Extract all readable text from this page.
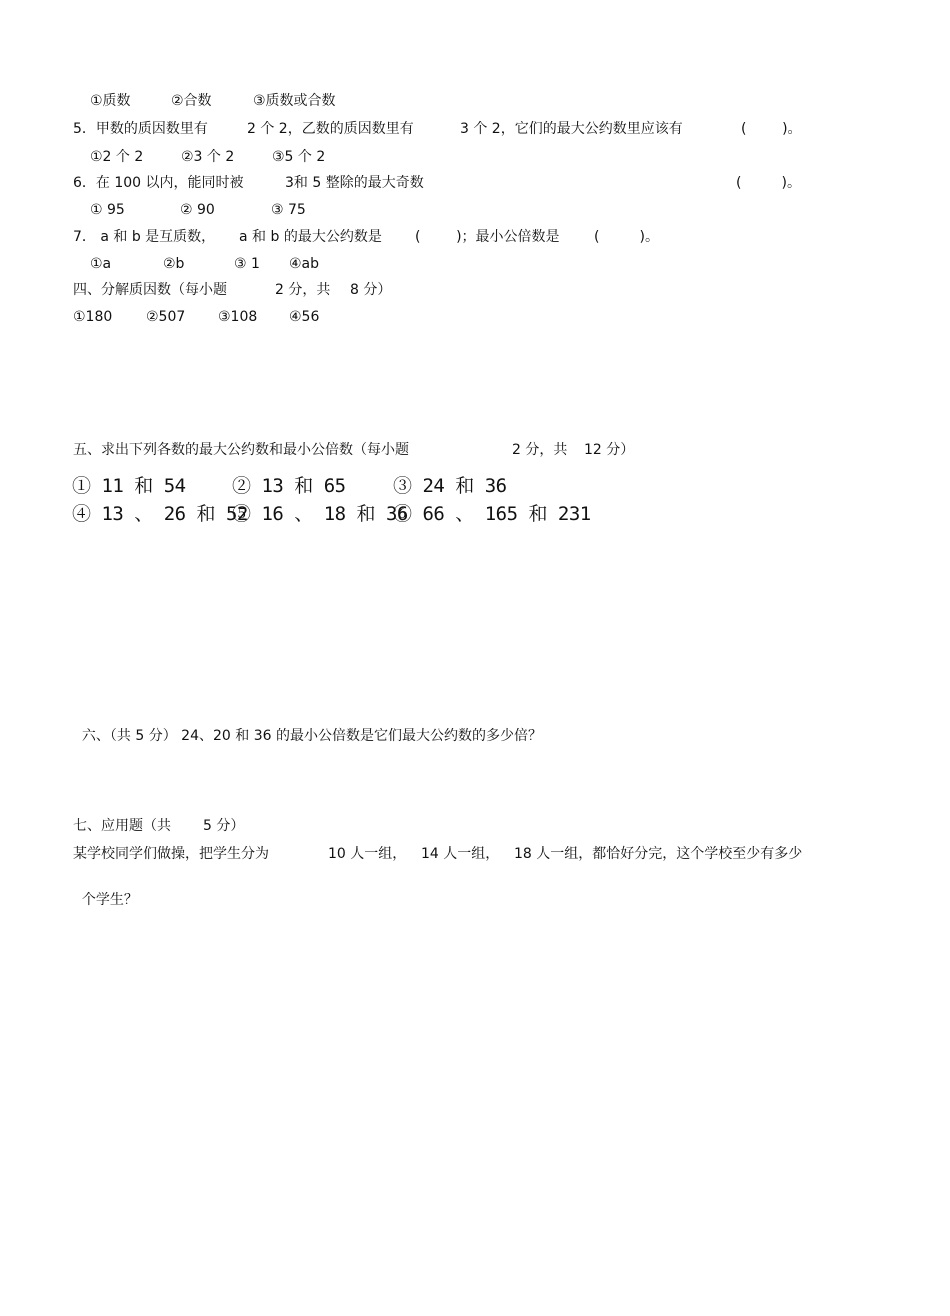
①质数

	②合数

	③质数或合数

5．甲数的质因数里有

	2 个 2，乙数的质因数里有

	3 个 2，它们的最大公约数里应该有

	(        )。

①2 个 2

	②3 个 2

	③5 个 2

6．在 100 以内，能同时被

	3和 5 整除的最大奇数

	(         )。

① 95

	② 90

	③ 75

7． a 和 b 是互质数，

a 和 b 的最大公约数是

(        )；最小公倍数是

(         )。

①a

	②b

	③ 1

④ab

四、分解质因数（每小题

	2 分，共

8 分）

①180

②507

③108

④56

五、求出下列各数的最大公约数和最小公倍数（每小题

	2 分，共

12 分）

① 11 和 54 ② 13 和 65 ③ 24 和 36
④ 13 、 26 和 52
⑤ 16 、 18 和 36
⑥ 66 、 165 和 231

六、（共 5 分） 24、20 和 36 的最小公倍数是它们最大公约数的多少倍？

七、应用题（共

5 分）

某学校同学们做操，把学生分为

	10 人一组，

14 人一组，

18 人一组，都恰好分完，这个学校至少有多少

个学生？
